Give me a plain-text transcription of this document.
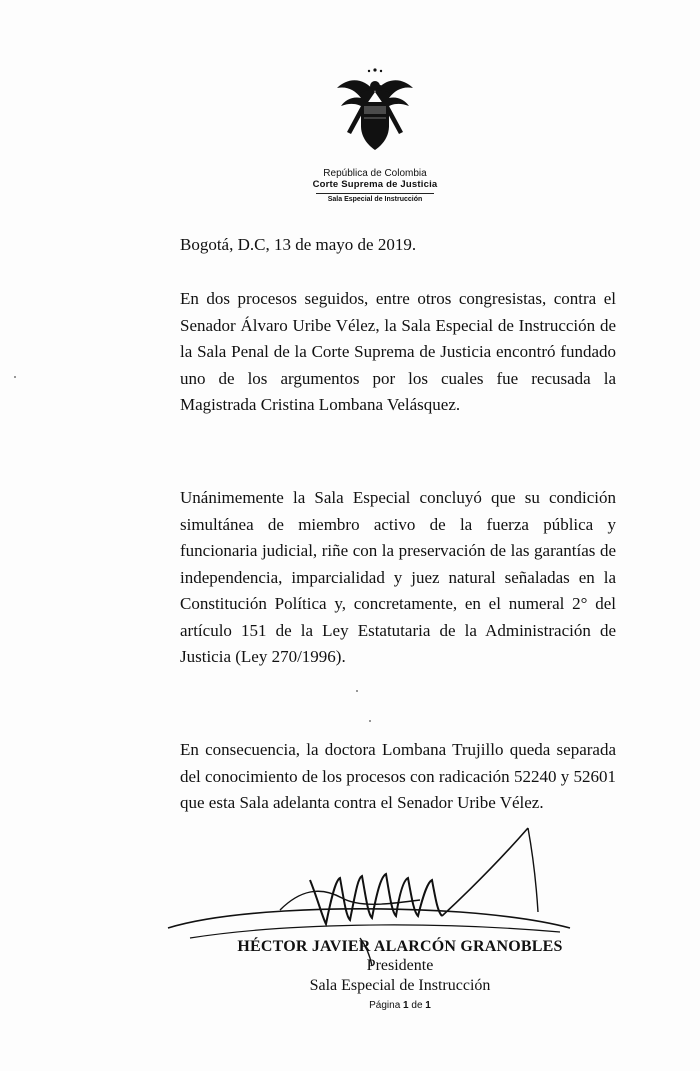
República de Colombia
Corte Suprema de Justicia
Sala Especial de Instrucción
Bogotá, D.C, 13 de mayo de 2019.

En dos procesos seguidos, entre otros congresistas, contra el Senador Álvaro Uribe Vélez, la Sala Especial de Instrucción de la Sala Penal de la Corte Suprema de Justicia encontró fundado uno de los argumentos por los cuales fue recusada la Magistrada Cristina Lombana Velásquez.

Unánimemente la Sala Especial concluyó que su condición simultánea de miembro activo de la fuerza pública y funcionaria judicial, riñe con la preservación de las garantías de independencia, imparcialidad y juez natural señaladas en la Constitución Política y, concretamente, en el numeral 2° del artículo 151 de la Ley Estatutaria de la Administración de Justicia (Ley 270/1996).

En consecuencia, la doctora Lombana Trujillo queda separada del conocimiento de los procesos con radicación 52240 y 52601 que esta Sala adelanta contra el Senador Uribe Vélez.

HÉCTOR JAVIER ALARCÓN GRANOBLES
Presidente
Sala Especial de Instrucción
Página 1 de 1
